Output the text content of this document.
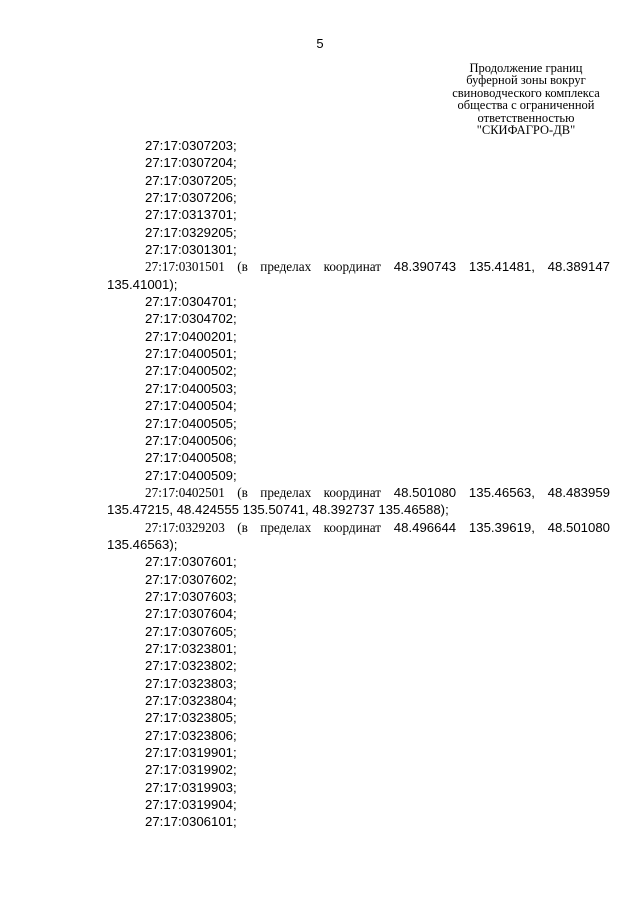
5
Продолжение границ
буферной зоны вокруг
свиноводческого комплекса
общества с ограниченной
ответственностью
"СКИФАГРО-ДВ"

27:17:0307203;

27:17:0307204;

27:17:0307205;

27:17:0307206;

27:17:0313701;

27:17:0329205;

27:17:0301301;

27:17:0301501 (в пределах координат 48.390743 135.41481, 48.389147 135.41001);

27:17:0304701;

27:17:0304702;

27:17:0400201;

27:17:0400501;

27:17:0400502;

27:17:0400503;

27:17:0400504;

27:17:0400505;

27:17:0400506;

27:17:0400508;

27:17:0400509;

27:17:0402501 (в пределах координат 48.501080 135.46563, 48.483959 135.47215, 48.424555 135.50741, 48.392737 135.46588);

27:17:0329203 (в пределах координат 48.496644 135.39619, 48.501080 135.46563);

27:17:0307601;

27:17:0307602;

27:17:0307603;

27:17:0307604;

27:17:0307605;

27:17:0323801;

27:17:0323802;

27:17:0323803;

27:17:0323804;

27:17:0323805;

27:17:0323806;

27:17:0319901;

27:17:0319902;

27:17:0319903;

27:17:0319904;

27:17:0306101;
